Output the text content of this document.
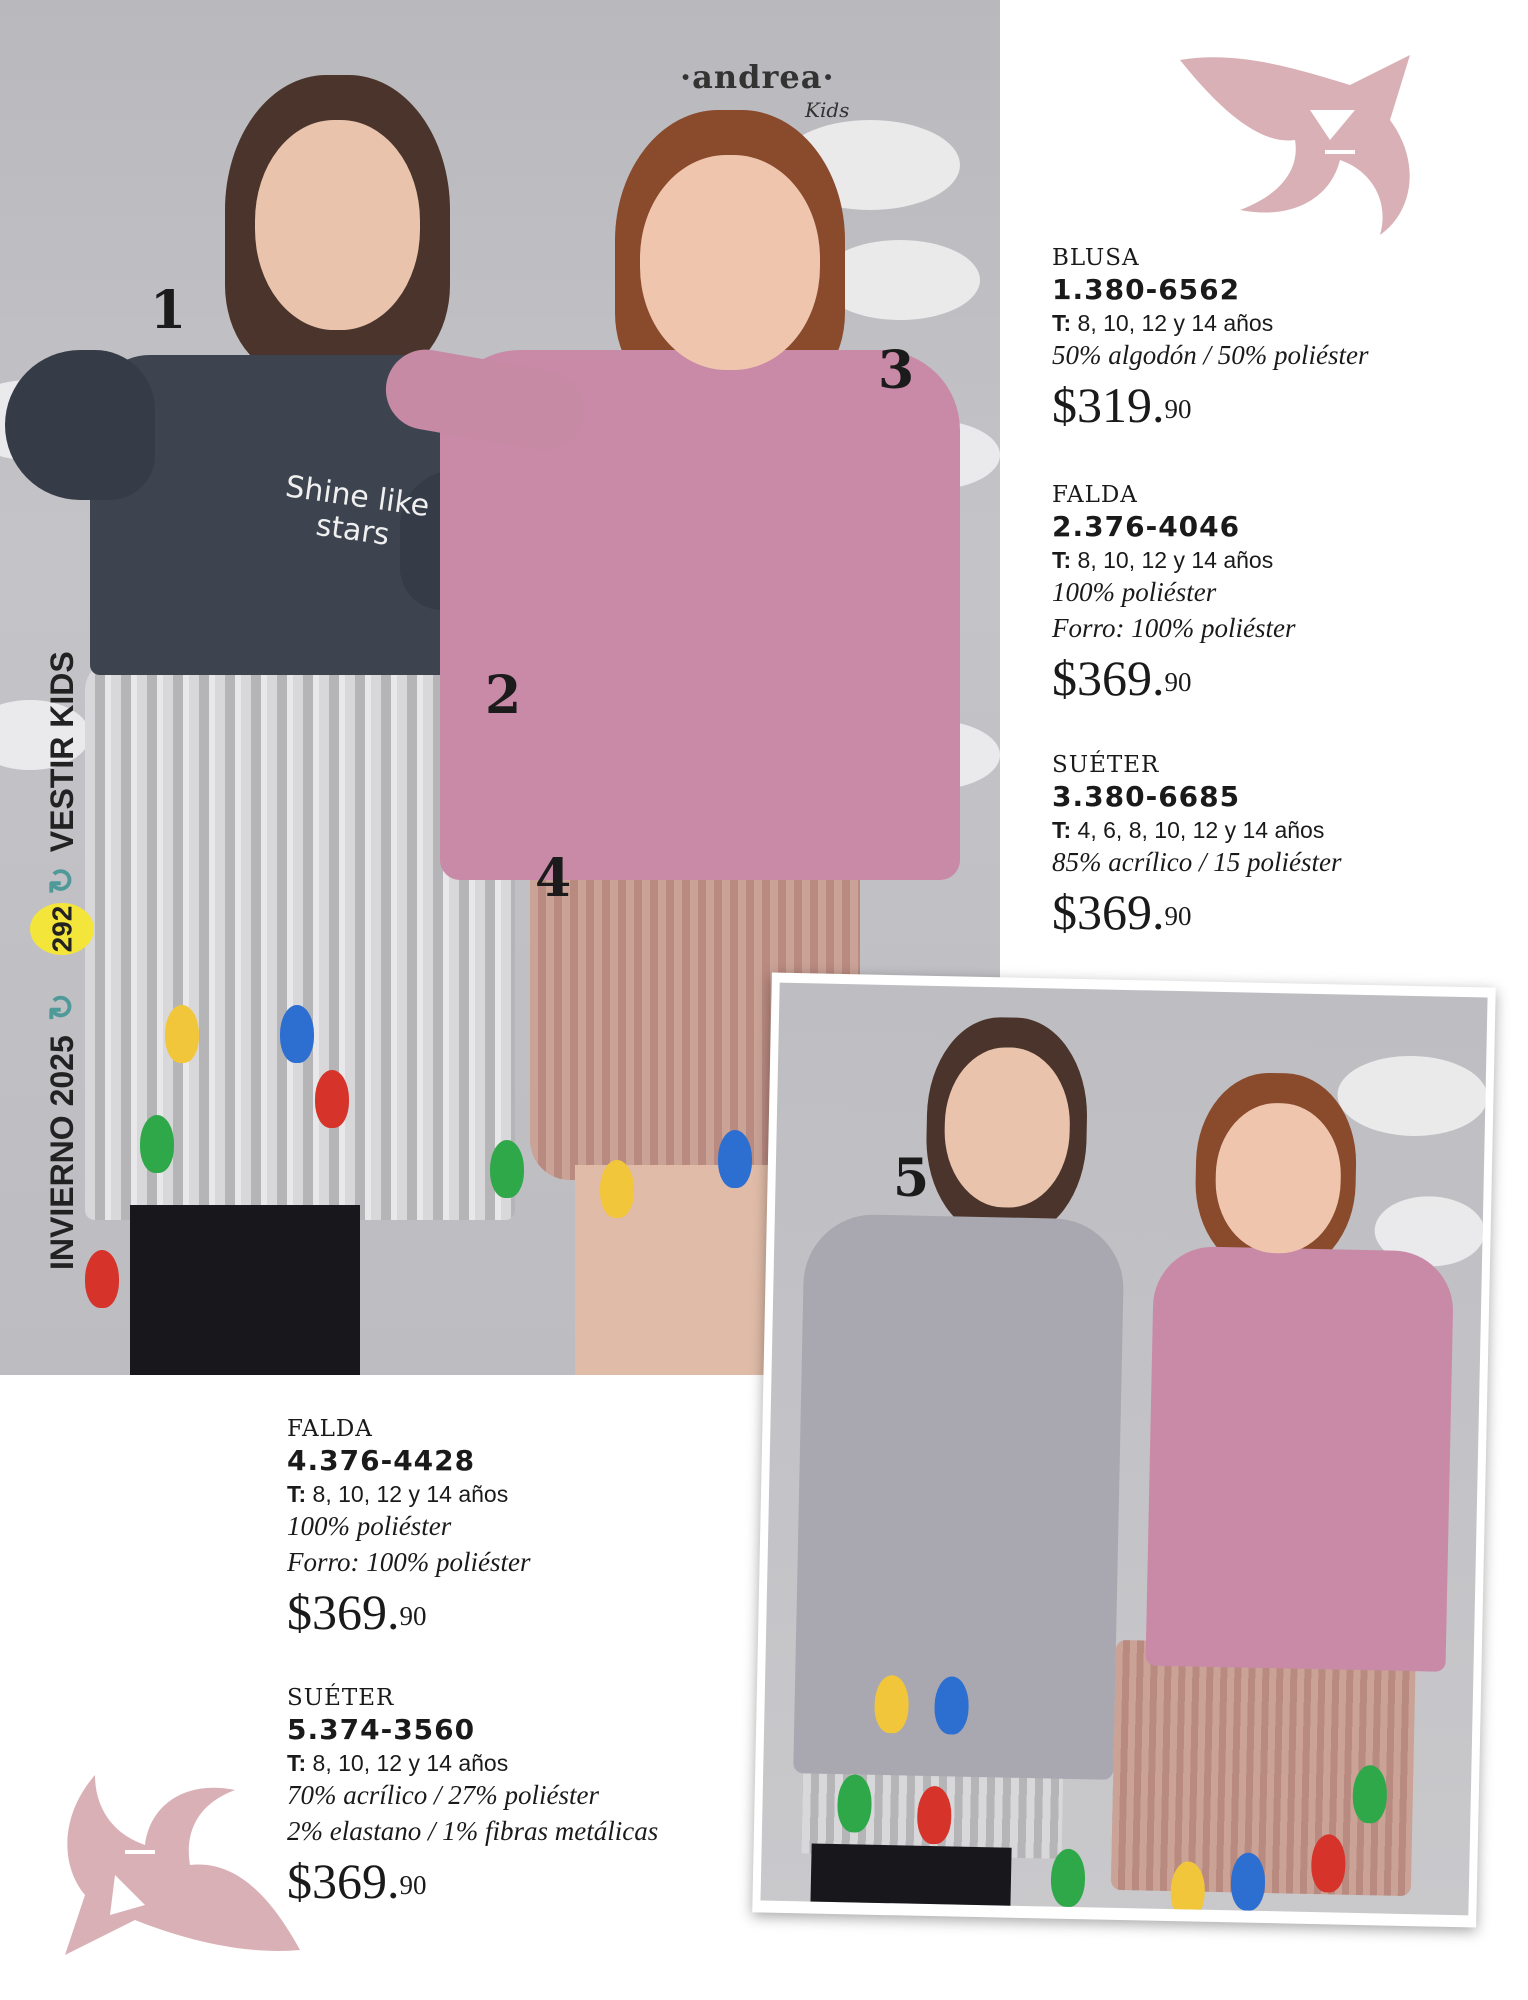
Shine like stars
1
2
3
4
·andrea·
Kids
INVIERNO 2025
↻
↻
VESTIR KIDS
292
BLUSA
1.380-6562
T: 8, 10, 12 y 14 años
50% algodón / 50% poliéster
$319.90
FALDA
2.376-4046
T: 8, 10, 12 y 14 años
100% poliéster
Forro: 100% poliéster
$369.90
SUÉTER
3.380-6685
T: 4, 6, 8, 10, 12 y 14 años
85% acrílico / 15 poliéster
$369.90
FALDA
4.376-4428
T: 8, 10, 12 y 14 años
100% poliéster
Forro: 100% poliéster
$369.90
SUÉTER
5.374-3560
T: 8, 10, 12 y 14 años
70% acrílico / 27% poliéster
2% elastano / 1% fibras metálicas
$369.90
5
